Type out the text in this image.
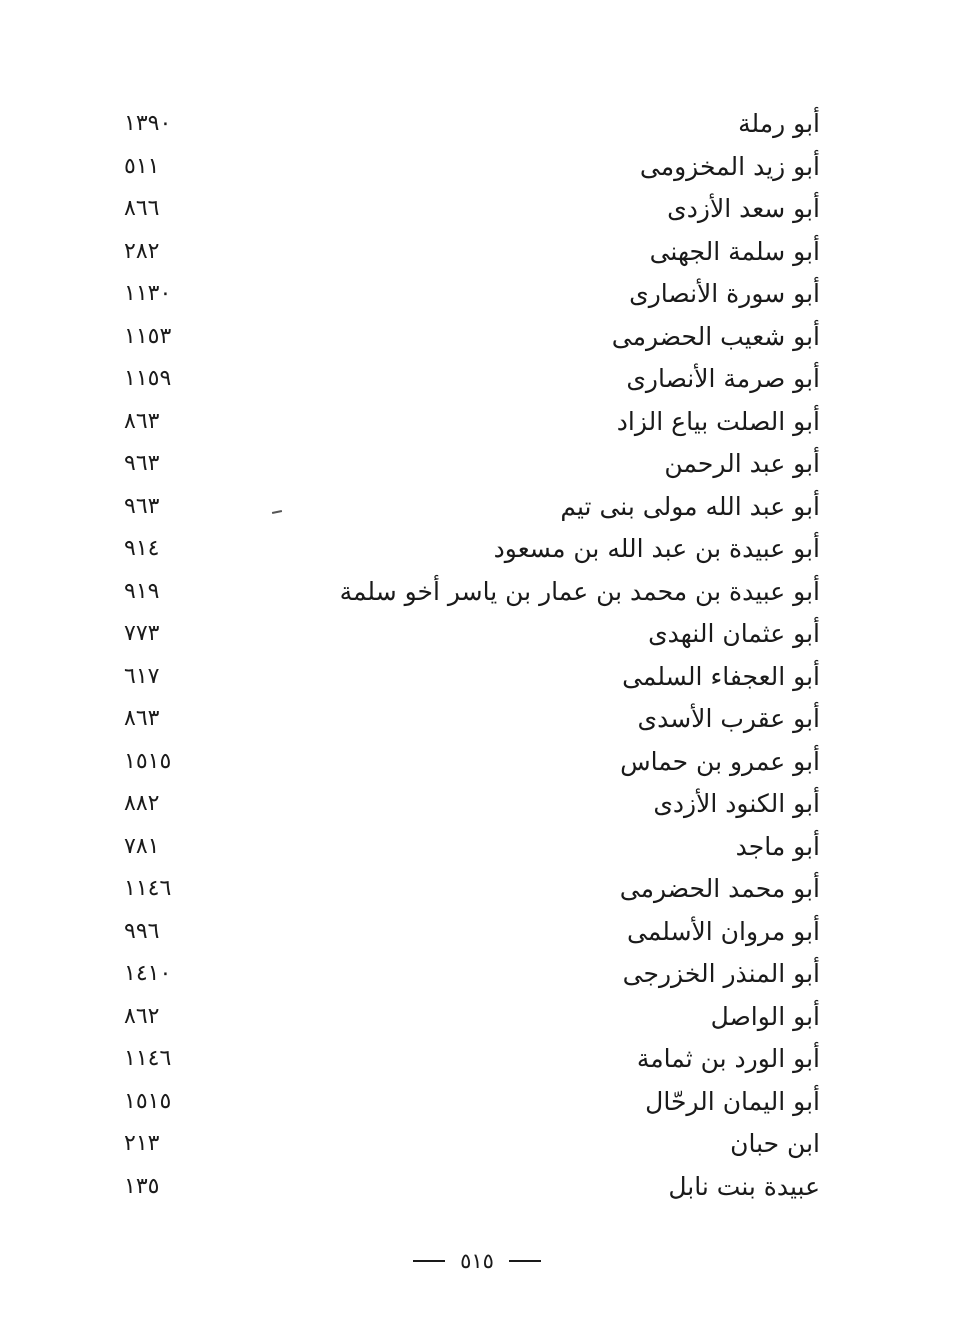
أبو رملة
١٣٩٠
أبو زيد المخزومى
٥١١
أبو سعد الأزدى
٨٦٦
أبو سلمة الجهنى
٢٨٢
أبو سورة الأنصارى
١١٣٠
أبو شعيب الحضرمى
١١٥٣
أبو صرمة الأنصارى
١١٥٩
أبو الصلت بياع الزاد
٨٦٣
أبو عبد الرحمن
٩٦٣
أبو عبد الله مولى بنى تيم
٩٦٣
أبو عبيدة بن عبد الله بن مسعود
٩١٤
أبو عبيدة بن محمد بن عمار بن ياسر أخو سلمة
٩١٩
أبو عثمان النهدى
٧٧٣
أبو العجفاء السلمى
٦١٧
أبو عقرب الأسدى
٨٦٣
أبو عمرو بن حماس
١٥١٥
أبو الكنود الأزدى
٨٨٢
أبو ماجد
٧٨١
أبو محمد الحضرمى
١١٤٦
أبو مروان الأسلمى
٩٩٦
أبو المنذر الخزرجى
١٤١٠
أبو الواصل
٨٦٢
أبو الورد بن ثمامة
١١٤٦
أبو اليمان الرحّال
١٥١٥
ابن حبان
٢١٣
عبيدة بنت نابل
١٣٥
٥١٥
